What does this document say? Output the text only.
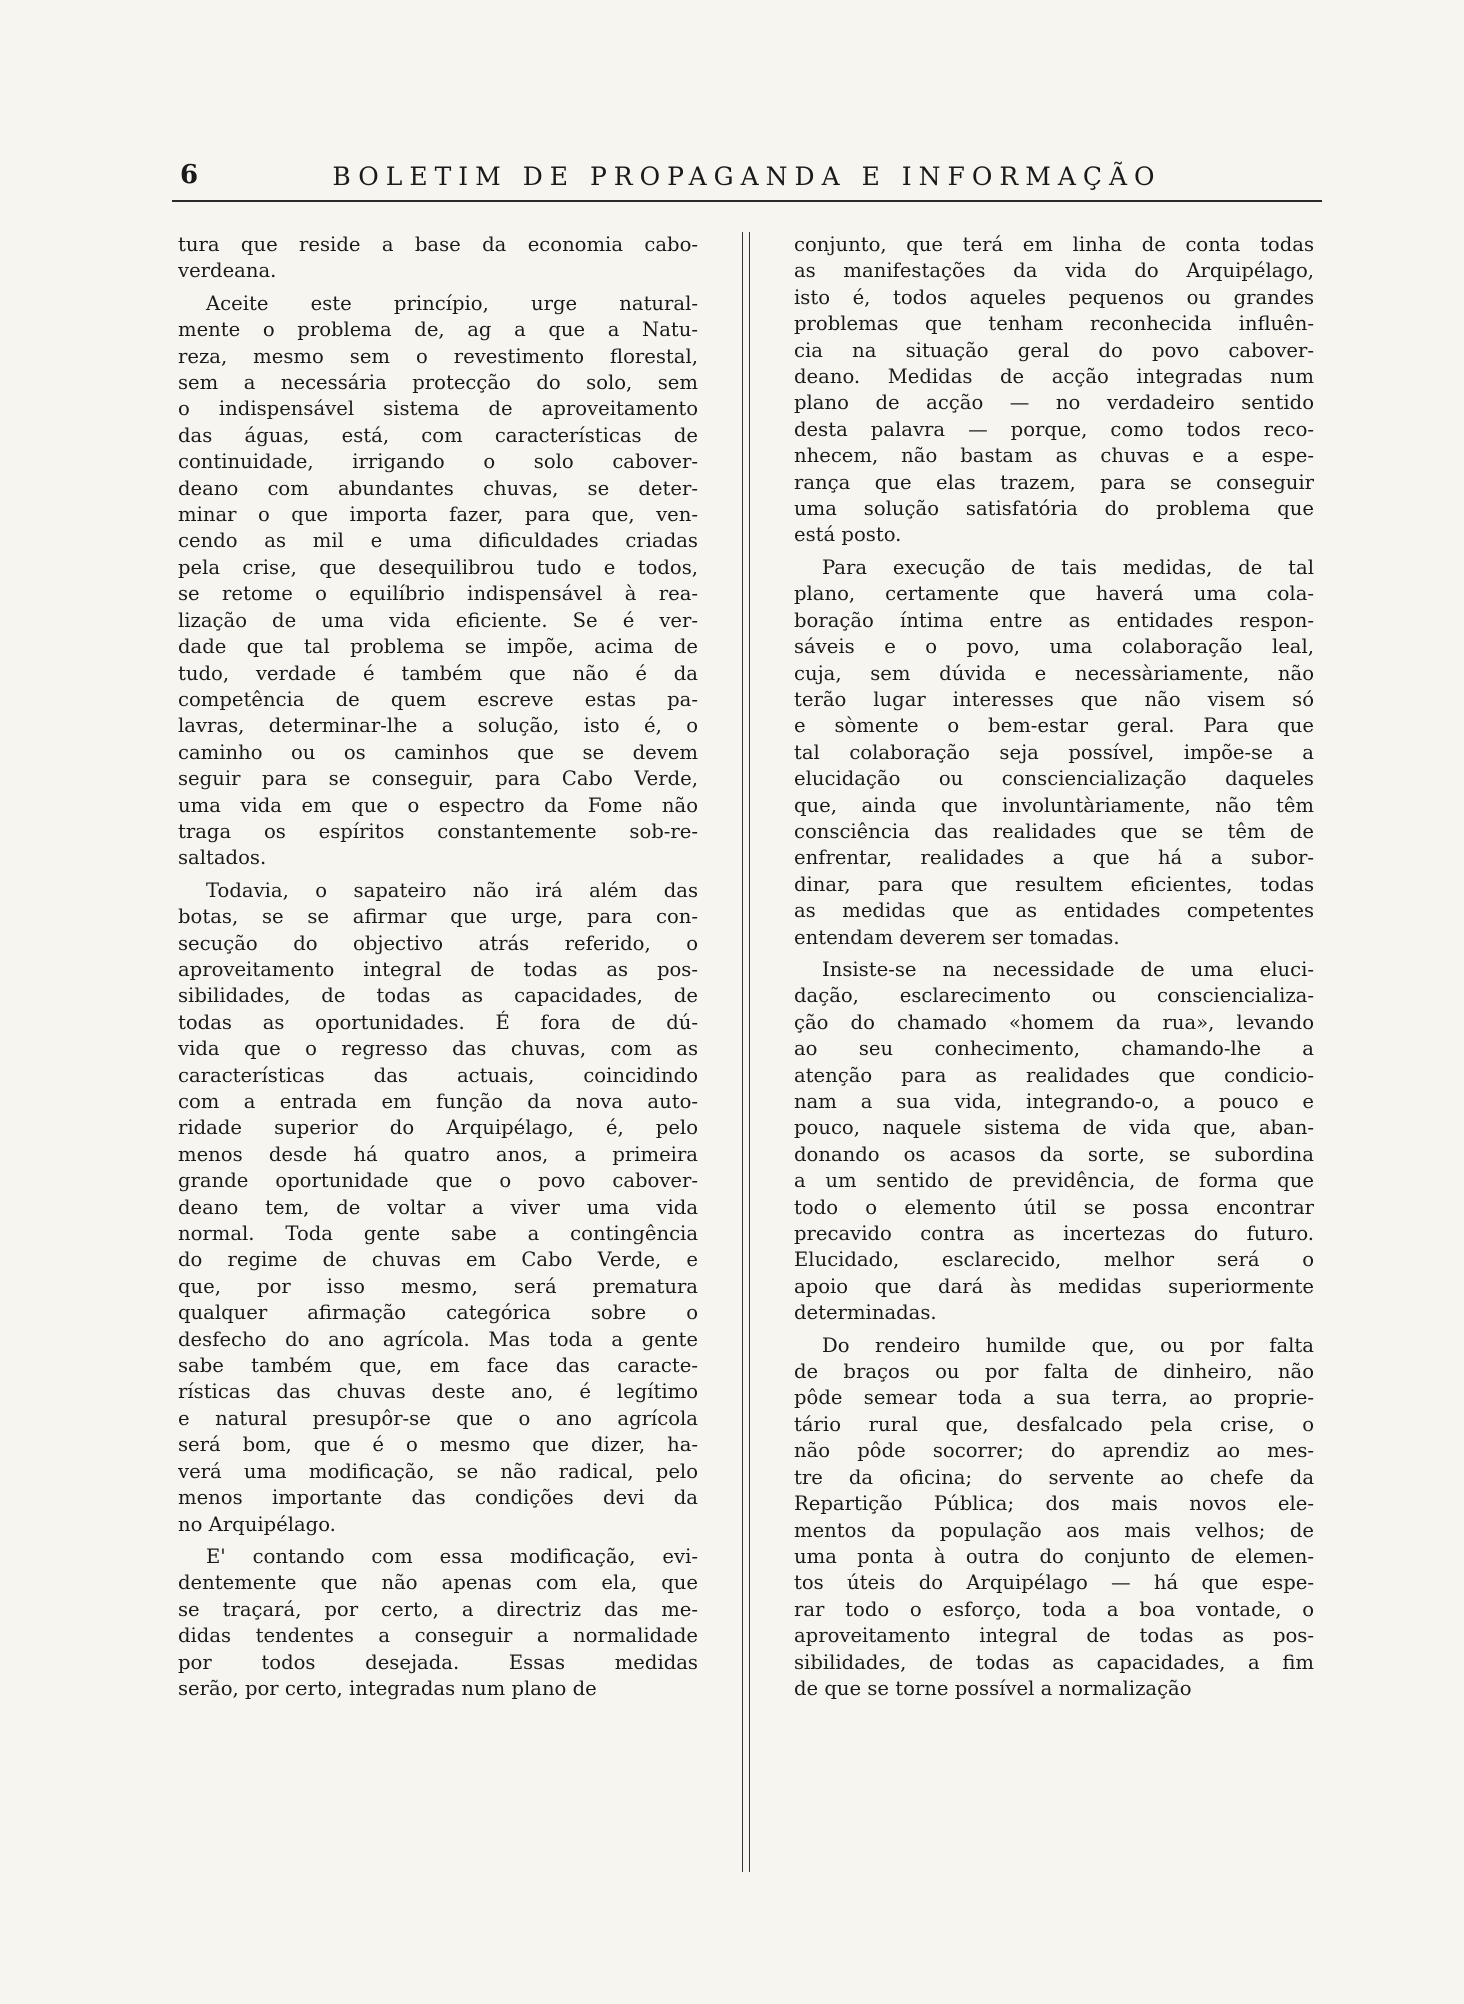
6	BOLETIM DE PROPAGANDA E INFORMAÇÃO
tura que reside a base da economia cabo-
verdeana.
Aceite este princípio, urge natural-
mente o problema de, ag a que a Natu-
reza, mesmo sem o revestimento florestal,
sem a necessária protecção do solo, sem
o indispensável sistema de aproveitamento
das águas, está, com características de
continuidade, irrigando o solo cabover-
deano com abundantes chuvas, se deter-
minar o que importa fazer, para que, ven-
cendo as mil e uma dificuldades criadas
pela crise, que desequilibrou tudo e todos,
se retome o equilíbrio indispensável à rea-
lização de uma vida eficiente. Se é ver-
dade que tal problema se impõe, acima de
tudo, verdade é também que não é da
competência de quem escreve estas pa-
lavras, determinar-lhe a solução, isto é, o
caminho ou os caminhos que se devem
seguir para se conseguir, para Cabo Verde,
uma vida em que o espectro da Fome não
traga os espíritos constantemente sob-re-
saltados.
Todavia, o sapateiro não irá além das
botas, se se afirmar que urge, para con-
secução do objectivo atrás referido, o
aproveitamento integral de todas as pos-
sibilidades, de todas as capacidades, de
todas as oportunidades. É fora de dú-
vida que o regresso das chuvas, com as
características das actuais, coincidindo
com a entrada em função da nova auto-
ridade superior do Arquipélago, é, pelo
menos desde há quatro anos, a primeira
grande oportunidade que o povo cabover-
deano tem, de voltar a viver uma vida
normal. Toda gente sabe a contingência
do regime de chuvas em Cabo Verde, e
que, por isso mesmo, será prematura
qualquer afirmação categórica sobre o
desfecho do ano agrícola. Mas toda a gente
sabe também que, em face das caracte-
rísticas das chuvas deste ano, é legítimo
e natural presupôr-se que o ano agrícola
será bom, que é o mesmo que dizer, ha-
verá uma modificação, se não radical, pelo
menos importante das condições devi da
no Arquipélago.
E' contando com essa modificação, evi-
dentemente que não apenas com ela, que
se traçará, por certo, a directriz das me-
didas tendentes a conseguir a normalidade
por todos desejada. Essas medidas
serão, por certo, integradas num plano de
conjunto, que terá em linha de conta todas
as manifestações da vida do Arquipélago,
isto é, todos aqueles pequenos ou grandes
problemas que tenham reconhecida influên-
cia na situação geral do povo cabover-
deano. Medidas de acção integradas num
plano de acção — no verdadeiro sentido
desta palavra — porque, como todos reco-
nhecem, não bastam as chuvas e a espe-
rança que elas trazem, para se conseguir
uma solução satisfatória do problema que
está posto.
Para execução de tais medidas, de tal
plano, certamente que haverá uma cola-
boração íntima entre as entidades respon-
sáveis e o povo, uma colaboração leal,
cuja, sem dúvida e necessàriamente, não
terão lugar interesses que não visem só
e sòmente o bem-estar geral. Para que
tal colaboração seja possível, impõe-se a
elucidação ou consciencialização daqueles
que, ainda que involuntàriamente, não têm
consciência das realidades que se têm de
enfrentar, realidades a que há a subor-
dinar, para que resultem eficientes, todas
as medidas que as entidades competentes
entendam deverem ser tomadas.
Insiste-se na necessidade de uma eluci-
dação, esclarecimento ou consciencializa-
ção do chamado «homem da rua», levando
ao seu conhecimento, chamando-lhe a
atenção para as realidades que condicio-
nam a sua vida, integrando-o, a pouco e
pouco, naquele sistema de vida que, aban-
donando os acasos da sorte, se subordina
a um sentido de previdência, de forma que
todo o elemento útil se possa encontrar
precavido contra as incertezas do futuro.
Elucidado, esclarecido, melhor será o
apoio que dará às medidas superiormente
determinadas.
Do rendeiro humilde que, ou por falta
de braços ou por falta de dinheiro, não
pôde semear toda a sua terra, ao proprie-
tário rural que, desfalcado pela crise, o
não pôde socorrer; do aprendiz ao mes-
tre da oficina; do servente ao chefe da
Repartição Pública; dos mais novos ele-
mentos da população aos mais velhos; de
uma ponta à outra do conjunto de elemen-
tos úteis do Arquipélago — há que espe-
rar todo o esforço, toda a boa vontade, o
aproveitamento integral de todas as pos-
sibilidades, de todas as capacidades, a fim
de que se torne possível a normalização
